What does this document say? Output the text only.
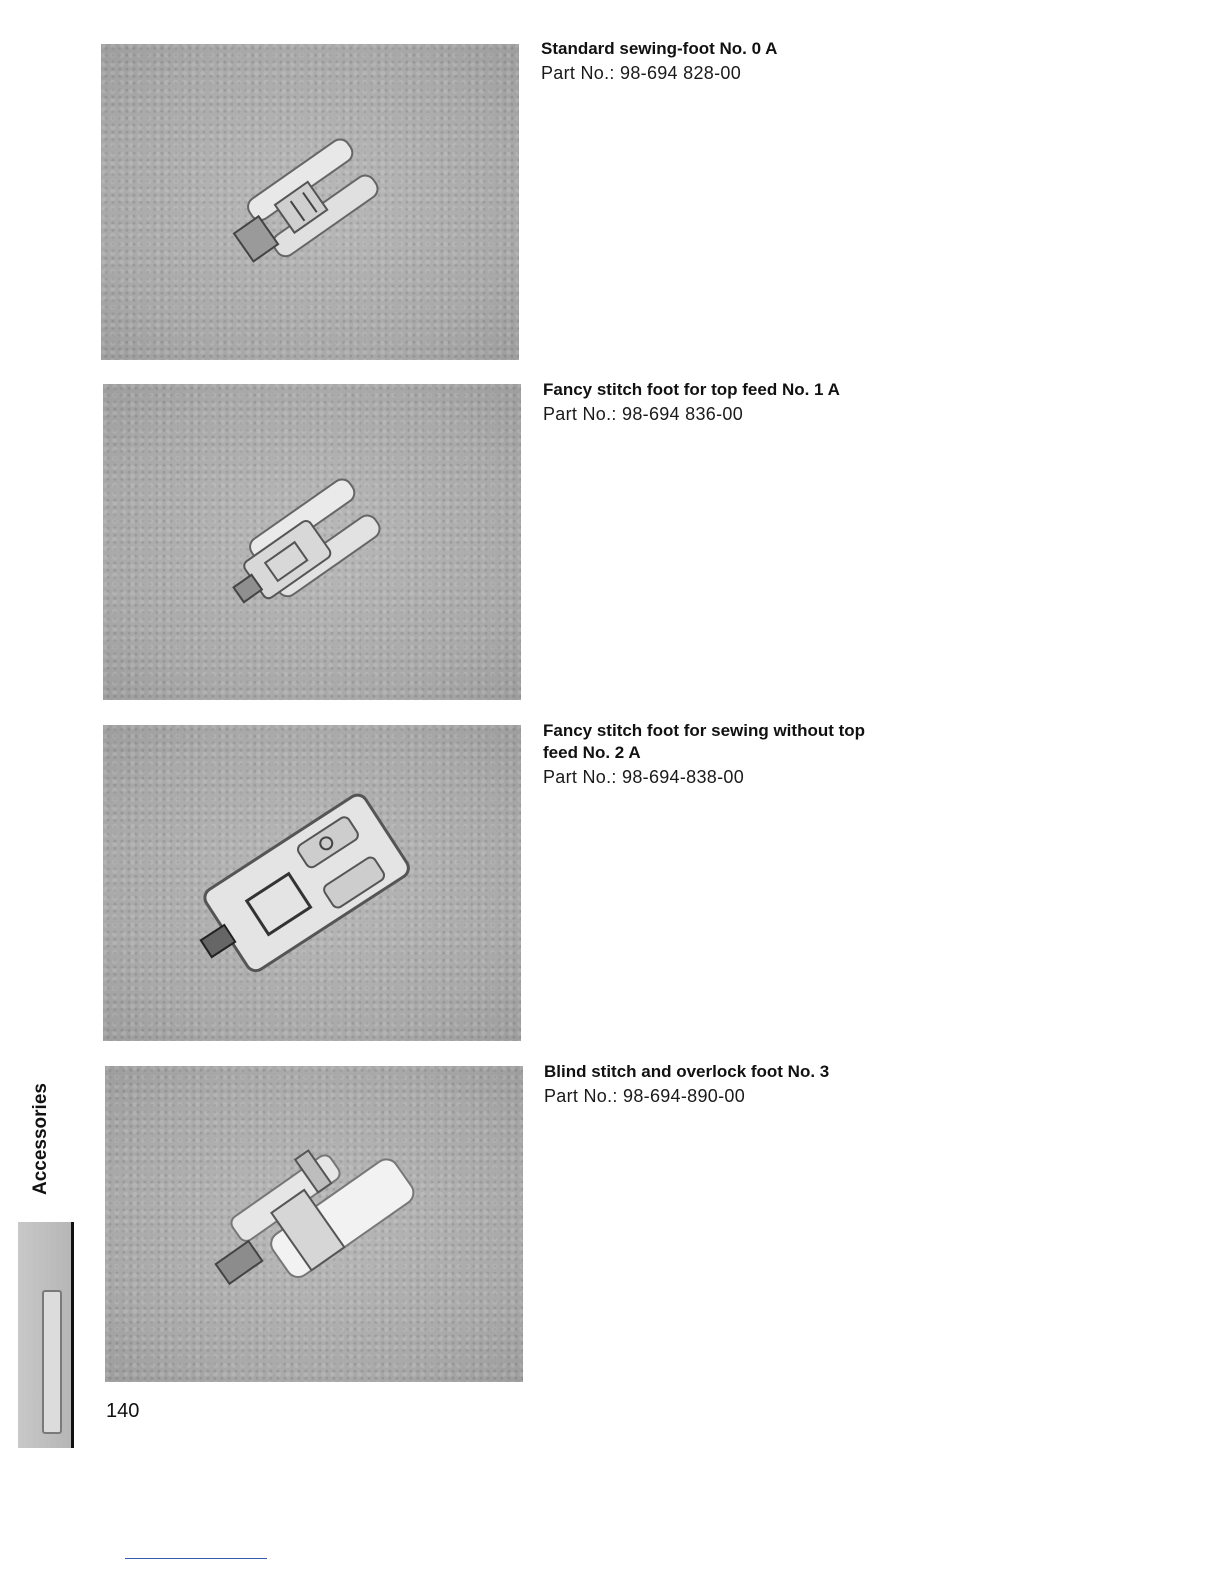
Standard sewing-foot No. 0 A
Part No.: 98-694 828-00
Fancy stitch foot for top feed No. 1 A
Part No.: 98-694 836-00
Fancy stitch foot for sewing without top feed No. 2 A
Part No.: 98-694-838-00
Blind stitch and overlock foot No. 3
Part No.: 98-694-890-00
Accessories
140
